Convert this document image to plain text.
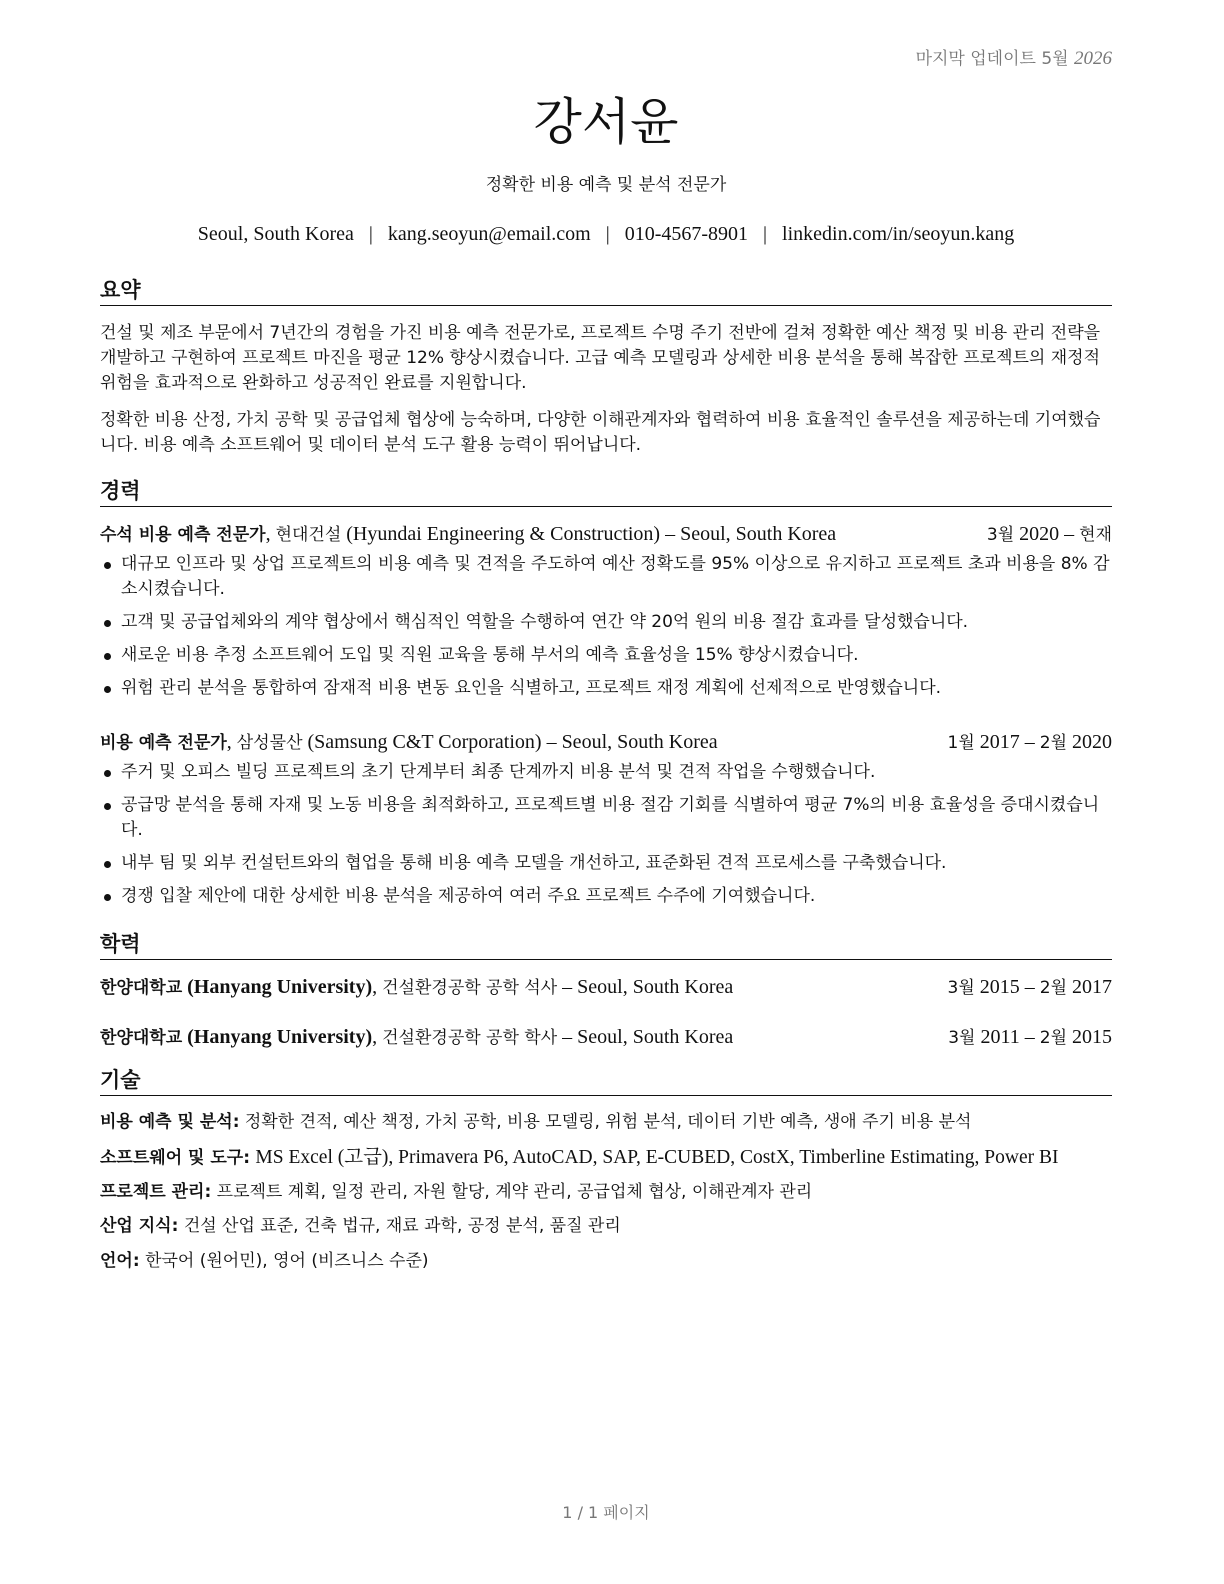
마지막 업데이트 5월 2026
강서윤
정확한 비용 예측 및 분석 전문가
Seoul, South Korea | kang.seoyun@email.com | 010-4567-8901 | linkedin.com/in/seoyun.kang
요약

건설 및 제조 부문에서 7년간의 경험을 가진 비용 예측 전문가로, 프로젝트 수명 주기 전반에 걸쳐 정확한 예산 책정 및 비용 관리 전략을 개발하고 구현하여 프로젝트 마진을 평균 12% 향상시켰습니다. 고급 예측 모델링과 상세한 비용 분석을 통해 복잡한 프로젝트의 재정적 위험을 효과적으로 완화하고 성공적인 완료를 지원합니다.

정확한 비용 산정, 가치 공학 및 공급업체 협상에 능숙하며, 다양한 이해관계자와 협력하여 비용 효율적인 솔루션을 제공하는데 기여했습니다. 비용 예측 소프트웨어 및 데이터 분석 도구 활용 능력이 뛰어납니다.

경력
수석 비용 예측 전문가, 현대건설 (Hyundai Engineering & Construction) – Seoul, South Korea	3월 2020 – 현재
대규모 인프라 및 상업 프로젝트의 비용 예측 및 견적을 주도하여 예산 정확도를 95% 이상으로 유지하고 프로젝트 초과 비용을 8% 감소시켰습니다.
고객 및 공급업체와의 계약 협상에서 핵심적인 역할을 수행하여 연간 약 20억 원의 비용 절감 효과를 달성했습니다.
새로운 비용 추정 소프트웨어 도입 및 직원 교육을 통해 부서의 예측 효율성을 15% 향상시켰습니다.
위험 관리 분석을 통합하여 잠재적 비용 변동 요인을 식별하고, 프로젝트 재정 계획에 선제적으로 반영했습니다.
비용 예측 전문가, 삼성물산 (Samsung C&T Corporation) – Seoul, South Korea	1월 2017 – 2월 2020
주거 및 오피스 빌딩 프로젝트의 초기 단계부터 최종 단계까지 비용 분석 및 견적 작업을 수행했습니다.
공급망 분석을 통해 자재 및 노동 비용을 최적화하고, 프로젝트별 비용 절감 기회를 식별하여 평균 7%의 비용 효율성을 증대시켰습니다.
내부 팀 및 외부 컨설턴트와의 협업을 통해 비용 예측 모델을 개선하고, 표준화된 견적 프로세스를 구축했습니다.
경쟁 입찰 제안에 대한 상세한 비용 분석을 제공하여 여러 주요 프로젝트 수주에 기여했습니다.
학력
한양대학교 (Hanyang University), 건설환경공학 공학 석사 – Seoul, South Korea	3월 2015 – 2월 2017
한양대학교 (Hanyang University), 건설환경공학 공학 학사 – Seoul, South Korea	3월 2011 – 2월 2015
기술
비용 예측 및 분석: 정확한 견적, 예산 책정, 가치 공학, 비용 모델링, 위험 분석, 데이터 기반 예측, 생애 주기 비용 분석
소프트웨어 및 도구: MS Excel (고급), Primavera P6, AutoCAD, SAP, E-CUBED, CostX, Timberline Estimating, Power BI
프로젝트 관리: 프로젝트 계획, 일정 관리, 자원 할당, 계약 관리, 공급업체 협상, 이해관계자 관리
산업 지식: 건설 산업 표준, 건축 법규, 재료 과학, 공정 분석, 품질 관리
언어: 한국어 (원어민), 영어 (비즈니스 수준)
1 / 1 페이지
